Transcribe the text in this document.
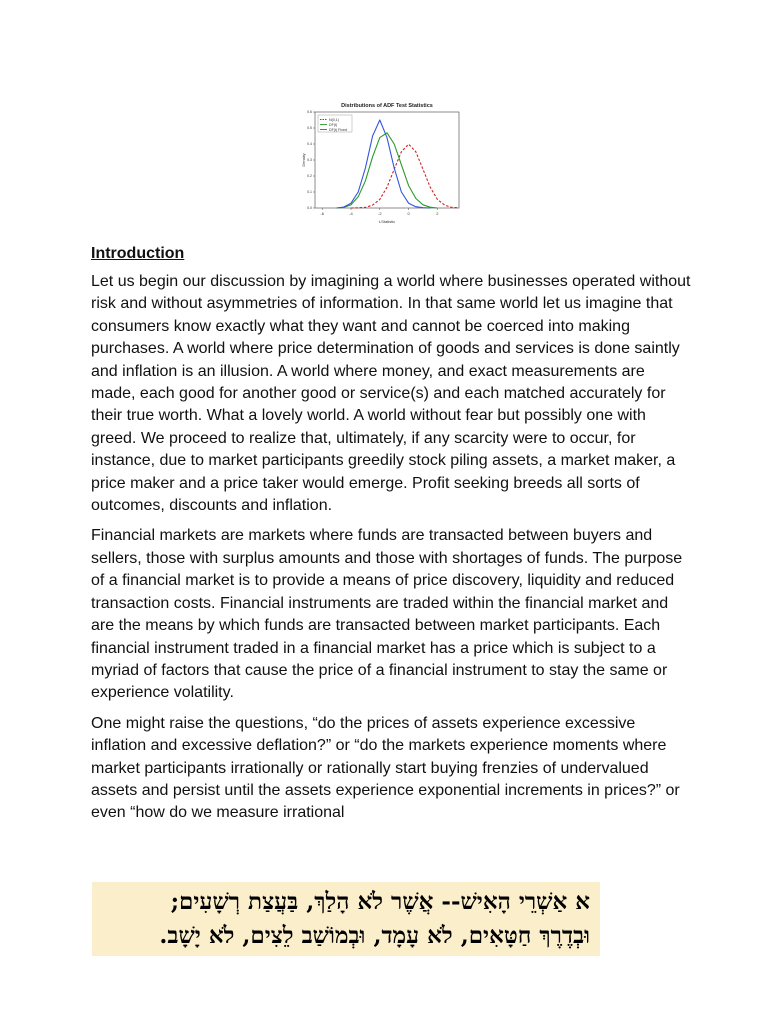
Distributions of ADF Test Statistics
-6	-4	-2	0	2
0.0
0.1
0.2
0.3
0.4
0.5
0.6
t-Statistic
Density
N(0,1)
DF(t)
DF(t) Fixed
Introduction

Let us begin our discussion by imagining a world where businesses operated without risk and without asymmetries of information. In that same world let us imagine that consumers know exactly what they want and cannot be coerced into making purchases. A world where price determination of goods and services is done saintly and inflation is an illusion. A world where money, and exact measurements are made, each good for another good or service(s) and each matched accurately for their true worth. What a lovely world. A world without fear but possibly one with greed. We proceed to realize that, ultimately, if any scarcity were to occur, for instance, due to market participants greedily stock piling assets, a market maker, a price maker and a price taker would emerge. Profit seeking breeds all sorts of outcomes, discounts and inflation.

Financial markets are markets where funds are transacted between buyers and sellers, those with surplus amounts and those with shortages of funds. The purpose of a financial market is to provide a means of price discovery, liquidity and reduced transaction costs. Financial instruments are traded within the financial market and are the means by which funds are transacted between market participants. Each financial instrument traded in a financial market has a price which is subject to a myriad of factors that cause the price of a financial instrument to stay the same or experience volatility.

One might raise the questions, “do the prices of assets experience excessive inflation and excessive deflation?” or “do the markets experience moments where market participants irrationally or rationally start buying frenzies of undervalued assets and persist until the assets experience exponential increments in prices?” or even “how do we measure irrational

א אַשְׁרֵי הָאִישׁ-- אֲשֶׁר לֹא הָלַךְ, בַּעֲצַת רְשָׁעִים;
וּבְדֶרֶךְ חַטָּאִים, לֹא עָמָד, וּבְמוֹשַׁב לֵצִים, לֹא יָשָׁב.
